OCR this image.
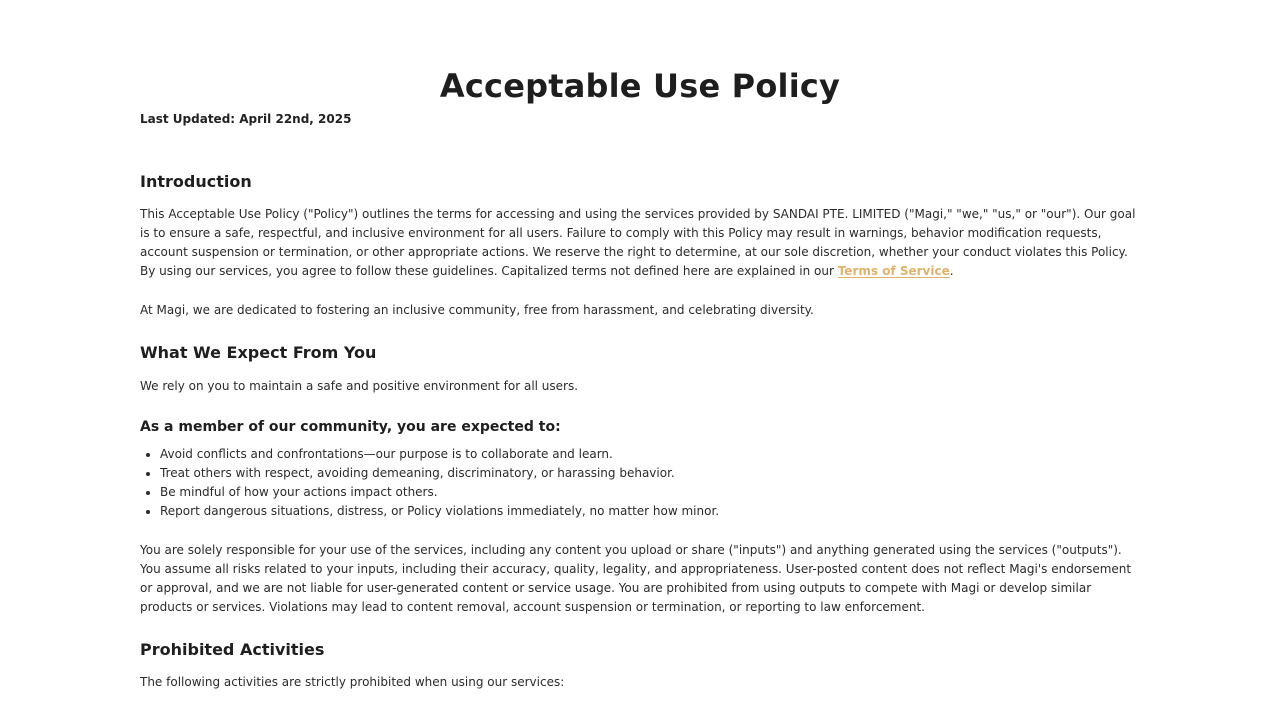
Acceptable Use Policy
Last Updated: April 22nd, 2025
Introduction

This Acceptable Use Policy ("Policy") outlines the terms for accessing and using the services provided by SANDAI PTE. LIMITED ("Magi," "we," "us," or "our"). Our goal is to ensure a safe, respectful, and inclusive environment for all users. Failure to comply with this Policy may result in warnings, behavior modification requests, account suspension or termination, or other appropriate actions. We reserve the right to determine, at our sole discretion, whether your conduct violates this Policy. By using our services, you agree to follow these guidelines. Capitalized terms not defined here are explained in our Terms of Service.

At Magi, we are dedicated to fostering an inclusive community, free from harassment, and celebrating diversity.

What We Expect From You

We rely on you to maintain a safe and positive environment for all users.

As a member of our community, you are expected to:
• Avoid conflicts and confrontations—our purpose is to collaborate and learn.
• Treat others with respect, avoiding demeaning, discriminatory, or harassing behavior.
• Be mindful of how your actions impact others.
• Report dangerous situations, distress, or Policy violations immediately, no matter how minor.

You are solely responsible for your use of the services, including any content you upload or share ("inputs") and anything generated using the services ("outputs"). You assume all risks related to your inputs, including their accuracy, quality, legality, and appropriateness. User-posted content does not reflect Magi's endorsement or approval, and we are not liable for user-generated content or service usage. You are prohibited from using outputs to compete with Magi or develop similar products or services. Violations may lead to content removal, account suspension or termination, or reporting to law enforcement.

Prohibited Activities

The following activities are strictly prohibited when using our services:
